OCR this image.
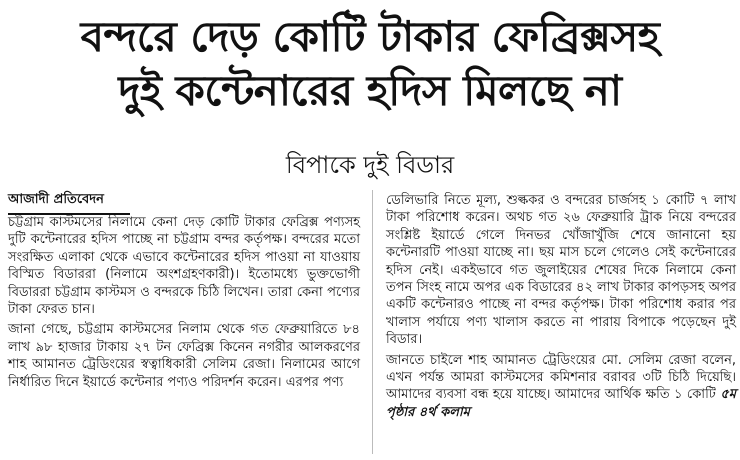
বন্দরে দেড় কোটি টাকার ফেব্রিক্সসহ
দুই কন্টেনারের হদিস মিলছে না
বিপাকে দুই বিডার
আজাদী প্রতিবেদন

চট্টগ্রাম কাস্টমসের নিলামে কেনা দেড় কোটি টাকার ফেব্রিক্স পণ্যসহ দুটি কন্টেনারের হদিস পাচ্ছে না চট্টগ্রাম বন্দর কর্তৃপক্ষ। বন্দরের মতো সংরক্ষিত এলাকা থেকে এভাবে কন্টেনারের হদিস পাওয়া না যাওয়ায় বিস্মিত বিডাররা (নিলামে অংশগ্রহণকারী)। ইতোমধ্যে ভুক্তভোগী বিডাররা চট্টগ্রাম কাস্টমস ও বন্দরকে চিঠি লিখেন। তারা কেনা পণ্যের টাকা ফেরত চান।

জানা গেছে, চট্টগ্রাম কাস্টমসের নিলাম থেকে গত ফেব্রুয়ারিতে ৮৪ লাখ ৯৮ হাজার টাকায় ২৭ টন ফেব্রিক্স কিনেন নগরীর আলকরণের শাহ আমানত ট্রেডিংয়ের স্বত্বাধিকারী সেলিম রেজা। নিলামের আগে নির্ধারিত দিনে ইয়ার্ডে কন্টেনার পণ্যও পরিদর্শন করেন। এরপর পণ্য

ডেলিভারি নিতে মূল্য, শুল্ককর ও বন্দরের চার্জসহ ১ কোটি ৭ লাখ টাকা পরিশোধ করেন। অথচ গত ২৬ ফেব্রুয়ারি ট্রাক নিয়ে বন্দরের সংশ্লিষ্ট ইয়ার্ডে গেলে দিনভর খোঁজাখুঁজি শেষে জানানো হয় কন্টেনারটি পাওয়া যাচ্ছে না। ছয় মাস চলে গেলেও সেই কন্টেনারের হদিস নেই। একইভাবে গত জুলাইয়ের শেষের দিকে নিলামে কেনা তপন সিংহ নামে অপর এক বিডারের ৪২ লাখ টাকার কাপড়সহ অপর একটি কন্টেনারও পাচ্ছে না বন্দর কর্তৃপক্ষ। টাকা পরিশোধ করার পর খালাস পর্যায়ে পণ্য খালাস করতে না পারায় বিপাকে পড়েছেন দুই বিডার।

জানতে চাইলে শাহ আমানত ট্রেডিংয়ের মো. সেলিম রেজা বলেন, এখন পর্যন্ত আমরা কাস্টমসের কমিশনার বরাবর ৩টি চিঠি দিয়েছি। আমাদের ব্যবসা বন্ধ হয়ে যাচ্ছে। আমাদের আর্থিক ক্ষতি ১ কোটি ৫ম পৃষ্ঠার ৪র্থ কলাম
